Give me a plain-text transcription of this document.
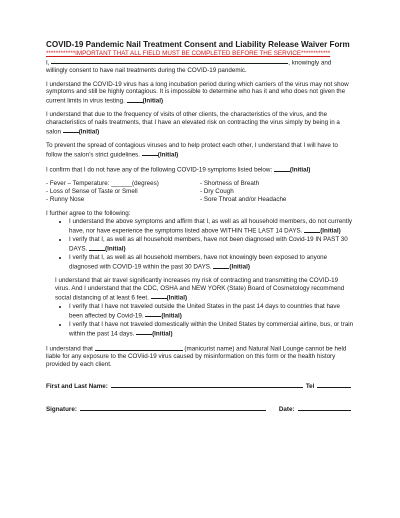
COVID-19 Pandemic Nail Treatment Consent and Liability Release Waiver Form

************IMPORTANT THAT ALL FIELD MUST BE COMPLETED BEFORE THE SERVICE************

I,	, knowingly and willingly consent to have nail treatments during the COVID-19 pandemic.

I understand the COVID-19 virus has a long incubation period during which carriers of the virus may not show symptoms and still be highly contagious. It is impossible to determine who has it and who does not given the current limits in virus testing.	(Initial)

I understand that due to the frequency of visits of other clients, the characteristics of the virus, and the characteristics of nails treatments, that I have an elevated risk on contracting the virus simply by being in a salon	(Initial)

To prevent the spread of contagious viruses and to help protect each other, I understand that I will have to follow the salon’s strict guidelines.	(Initial)

I confirm that I do not have any of the following COVID-19 symptoms listed below:	(Initial)

- Fever – Temperature: ______(degrees)
- Loss of Sense of Taste or Smell
- Runny Nose
- Shortness of Breath
- Dry Cough
- Sore Throat and/or Headache

I further agree to the following:

• I understand the above symptoms and affirm that I, as well as all household members, do not currently have, nor have experience the symptoms listed above WITHIN THE LAST 14 DAYS.	(Initial)
• I verify that I, as well as all household members, have not been diagnosed with Covid-19 IN PAST 30 DAYS.	(Initial)
• I verify that I, as well as all household members, have not knowingly been exposed to anyone diagnosed with COVID-19 within the past 30 DAYS.	(Initial)

I understand that air travel significantly increases my risk of contracting and transmitting the COVID-19 virus. And I understand that the CDC, OSHA and NEW YORK (State) Board of Cosmetology recommend social distancing of at least 6 feet.	(Initial)

• I verify that I have not traveled outside the United States in the past 14 days to countries that have been affected by Covid-19.	(Initial)
• I verify that I have not traveled domestically within the United States by commercial airline, bus, or train within the past 14 days.	(Initial)

I understand that	(manicurist name) and Natural Nail Lounge cannot be held liable for any exposure to the COViid-19 virus caused by misinformation on this form or the health history provided by each client.

First and Last Name:	Tel
Signature :	Date:
